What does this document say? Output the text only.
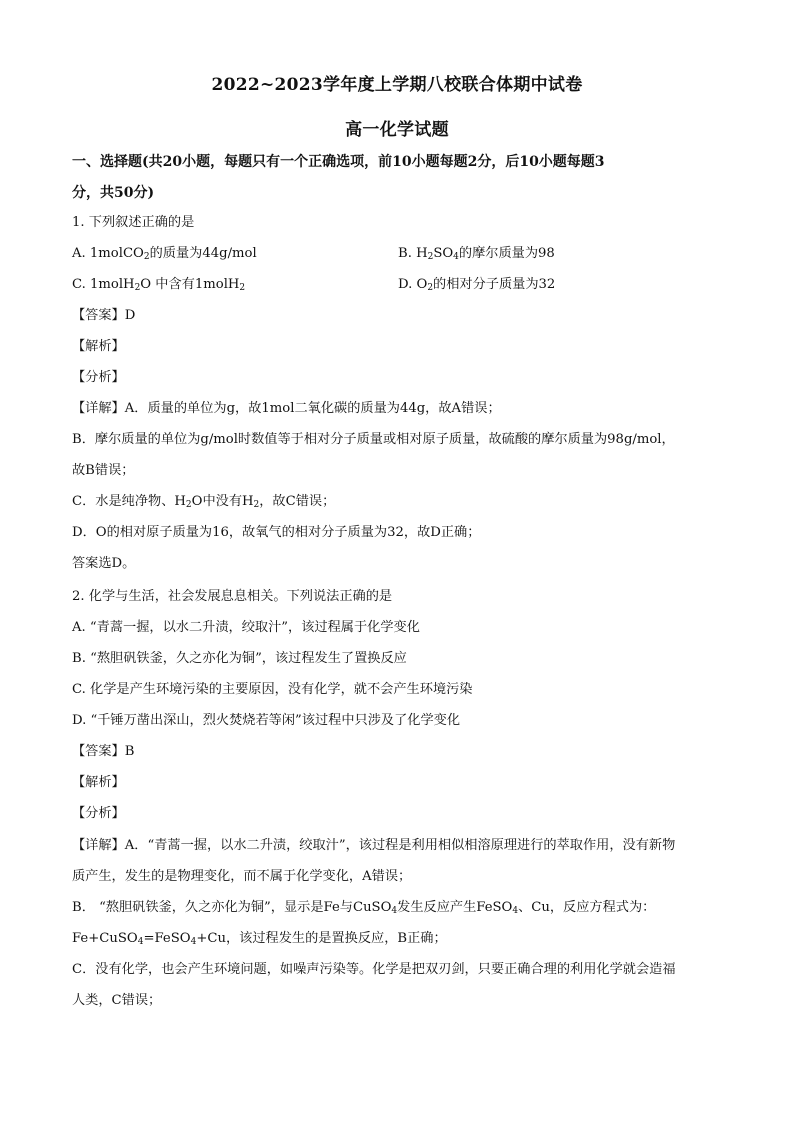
2022~2023学年度上学期八校联合体期中试卷
高一化学试题
一、选择题(共20小题，每题只有一个正确选项，前10小题每题2分，后10小题每题3
分，共50分)
1. 下列叙述正确的是
A. 1molCO$_2$的质量为44g/mol	B. $H_2SO_4$的摩尔质量为98
C. 1molH$_2$O 中含有1molH$_2$	D. $O_2$的相对分子质量为32
【答案】D
【解析】
【分析】
【详解】A．质量的单位为g，故1mol二氧化碳的质量为44g，故A错误；
B．摩尔质量的单位为g/mol时数值等于相对分子质量或相对原子质量，故硫酸的摩尔质量为98g/mol，
故B错误；
C．水是纯净物、$H_2O$中没有$H_2$，故C错误；
D．O的相对原子质量为16，故氧气的相对分子质量为32，故D正确；
答案选D。
2. 化学与生活，社会发展息息相关。下列说法正确的是
A. “青蒿一握，以水二升渍，绞取汁”，该过程属于化学变化
B. “熬胆矾铁釜，久之亦化为铜”，该过程发生了置换反应
C. 化学是产生环境污染的主要原因，没有化学，就不会产生环境污染
D. “千锤万凿出深山，烈火焚烧若等闲”该过程中只涉及了化学变化
【答案】B
【解析】
【分析】
【详解】A．“青蒿一握，以水二升渍，绞取汁”，该过程是利用相似相溶原理进行的萃取作用，没有新物
质产生，发生的是物理变化，而不属于化学变化，A错误；
B． “熬胆矾铁釜，久之亦化为铜”，显示是Fe与CuSO$_4$发生反应产生FeSO$_4$、Cu，反应方程式为：
Fe+CuSO$_4$=FeSO$_4$+Cu，该过程发生的是置换反应，B正确；
C．没有化学，也会产生环境问题，如噪声污染等。化学是把双刃剑，只要正确合理的利用化学就会造福
人类，C错误；
